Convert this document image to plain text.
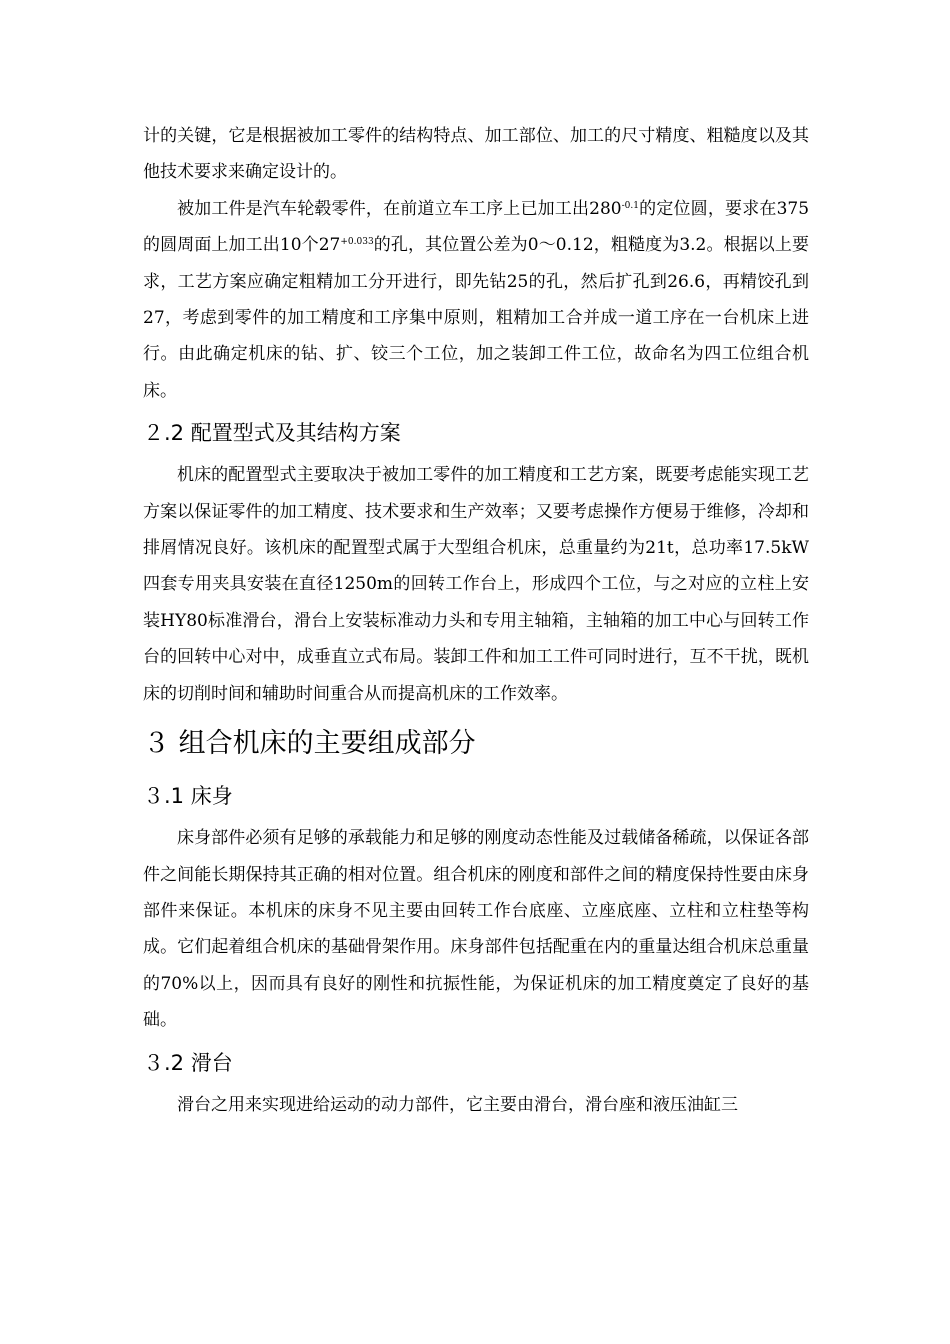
计的关键，它是根据被加工零件的结构特点、加工部位、加工的尺寸精度、粗糙度以及其他技术要求来确定设计的。

被加工件是汽车轮毂零件，在前道立车工序上已加工出$280^{-0.1}$的定位圆，要求在375的圆周面上加工出10个$27^{+0.033}$的孔，其位置公差为0～0.12，粗糙度为3.2。根据以上要求，工艺方案应确定粗精加工分开进行，即先钻25的孔，然后扩孔到26.6，再精饺孔到27，考虑到零件的加工精度和工序集中原则，粗精加工合并成一道工序在一台机床上进行。由此确定机床的钻、扩、铰三个工位，加之装卸工件工位，故命名为四工位组合机床。

２.2 配置型式及其结构方案

机床的配置型式主要取决于被加工零件的加工精度和工艺方案，既要考虑能实现工艺方案以保证零件的加工精度、技术要求和生产效率；又要考虑操作方便易于维修，冷却和排屑情况良好。该机床的配置型式属于大型组合机床，总重量约为21t，总功率17.5kW四套专用夹具安装在直径1250m的回转工作台上，形成四个工位，与之对应的立柱上安装HY80标准滑台，滑台上安装标准动力头和专用主轴箱，主轴箱的加工中心与回转工作台的回转中心对中，成垂直立式布局。装卸工件和加工工件可同时进行，互不干扰，既机床的切削时间和辅助时间重合从而提高机床的工作效率。

３ 组合机床的主要组成部分
３.1 床身

床身部件必须有足够的承载能力和足够的刚度动态性能及过载储备稀疏，以保证各部件之间能长期保持其正确的相对位置。组合机床的刚度和部件之间的精度保持性要由床身部件来保证。本机床的床身不见主要由回转工作台底座、立座底座、立柱和立柱垫等构成。它们起着组合机床的基础骨架作用。床身部件包括配重在内的重量达组合机床总重量的70%以上，因而具有良好的刚性和抗振性能，为保证机床的加工精度奠定了良好的基础。

３.2 滑台

滑台之用来实现进给运动的动力部件，它主要由滑台，滑台座和液压油缸三
